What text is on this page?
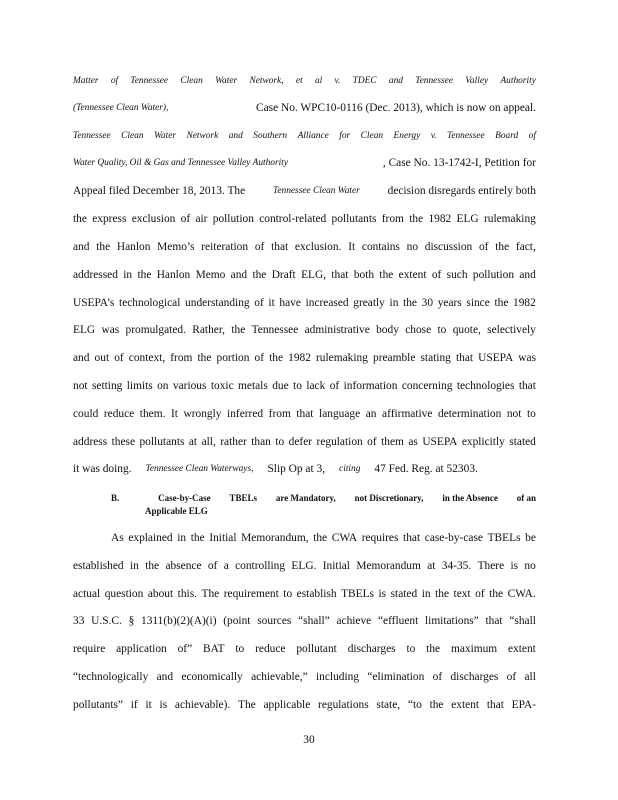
Matter of Tennessee Clean Water Network, et al v. TDEC and Tennessee Valley Authority
(Tennessee Clean Water),	Case No. WPC10-0116 (Dec. 2013), which is now on appeal.
Tennessee Clean Water Network and Southern Alliance for Clean Energy v. Tennessee Board of
Water Quality, Oil & Gas and Tennessee Valley Authority	, Case No. 13-1742-I, Petition for
Appeal filed December 18, 2013. The	Tennessee Clean Water decision disregards entirely both
the express exclusion of air pollution control-related pollutants from the 1982 ELG rulemaking
and the Hanlon Memo’s reiteration of that exclusion. It contains no discussion of the fact,
addressed in the Hanlon Memo and the Draft ELG, that both the extent of such pollution and
USEPA’s technological understanding of it have increased greatly in the 30 years since the 1982
ELG was promulgated. Rather, the Tennessee administrative body chose to quote, selectively
and out of context, from the portion of the 1982 rulemaking preamble stating that USEPA was
not setting limits on various toxic metals due to lack of information concerning technologies that
could reduce them. It wrongly inferred from that language an affirmative determination not to
address these pollutants at all, rather than to defer regulation of them as USEPA explicitly stated
it was doing. Tennessee Clean Waterways, Slip Op at 3, citing 47 Fed. Reg. at 52303.
B.	Case-by-Case TBELs are Mandatory, not Discretionary, in the Absence of an
Applicable ELG
As explained in the Initial Memorandum, the CWA requires that case-by-case TBELs be
established in the absence of a controlling ELG. Initial Memorandum at 34-35. There is no
actual question about this. The requirement to establish TBELs is stated in the text of the CWA.
33 U.S.C. § 1311(b)(2)(A)(i) (point sources “shall” achieve “effluent limitations” that “shall
require application of” BAT to reduce pollutant discharges to the maximum extent
“technologically and economically achievable,” including “elimination of discharges of all
pollutants” if it is achievable). The applicable regulations state, “to the extent that EPA-
30
